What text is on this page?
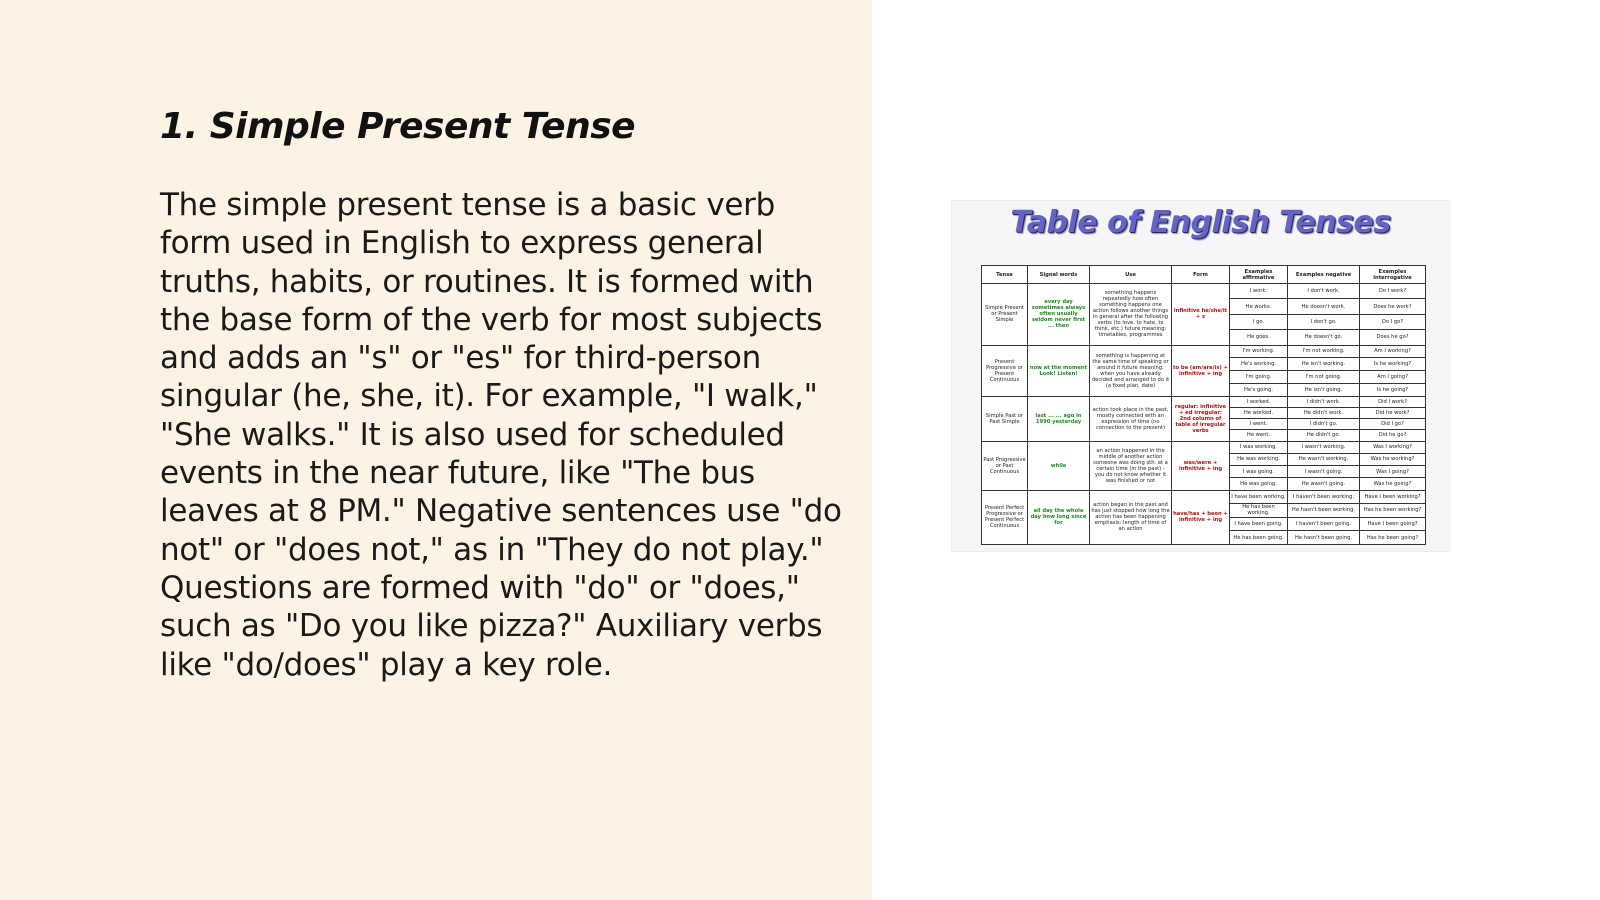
1. Simple Present Tense

The simple present tense is a basic verb form used in English to express general truths, habits, or routines. It is formed with the base form of the verb for most subjects and adds an "s" or "es" for third-person singular (he, she, it). For example, "I walk," "She walks." It is also used for scheduled events in the near future, like "The bus leaves at 8 PM." Negative sentences use "do not" or "does not," as in "They do not play." Questions are formed with "do" or "does," such as "Do you like pizza?" Auxiliary verbs like "do/does" play a key role.

Table of English Tenses
Tense	Signal words	Use	Form	Examples affirmative	Examples negative	Examples interrogative
Simple Present or Present Simple	every day sometimes always often usually seldom never first ... then	something happens repeatedly how often something happens one action follows another things in general after the following verbs (to love, to hate, to think, etc.) future meaning: timetables, programmes	infinitive he/she/it + s	I work.	I don't work.	Do I work?
				He works.	He doesn't work.	Does he work?
				I go.	I don't go.	Do I go?
				He goes.	He doesn't go.	Does he go?
Present Progressive or Present Continuous	now at the moment Look! Listen!	something is happening at the same time of speaking or around it future meaning: when you have already decided and arranged to do it (a fixed plan, date)	to be (am/are/is) + infinitive + ing	I'm working.	I'm not working.	Am I working?
				He's working.	He isn't working.	Is he working?
				I'm going.	I'm not going.	Am I going?
				He's going.	He isn't going.	Is he going?
Simple Past or Past Simple	last ... ... ago in 1990 yesterday	action took place in the past, mostly connected with an expression of time (no connection to the present)	regular: infinitive + ed irregular: 2nd column of table of irregular verbs	I worked.	I didn't work.	Did I work?
				He worked.	He didn't work.	Did he work?
				I went.	I didn't go.	Did I go?
				He went.	He didn't go.	Did he go?
Past Progressive or Past Continuous	while	an action happened in the middle of another action someone was doing sth. at a certain time (in the past) - you do not know whether it was finished or not	was/were + infinitive + ing	I was working.	I wasn't working.	Was I working?
				He was working.	He wasn't working.	Was he working?
				I was going.	I wasn't going.	Was I going?
				He was going.	He wasn't going.	Was he going?
Present Perfect Progressive or Present Perfect Continuous	all day the whole day how long since for	action began in the past and has just stopped how long the action has been happening emphasis: length of time of an action	have/has + been + infinitive + ing	I have been working.	I haven't been working.	Have I been working?
				He has been working.	He hasn't been working.	Has he been working?
				I have been going.	I haven't been going.	Have I been going?
				He has been going.	He hasn't been going.	Has he been going?
